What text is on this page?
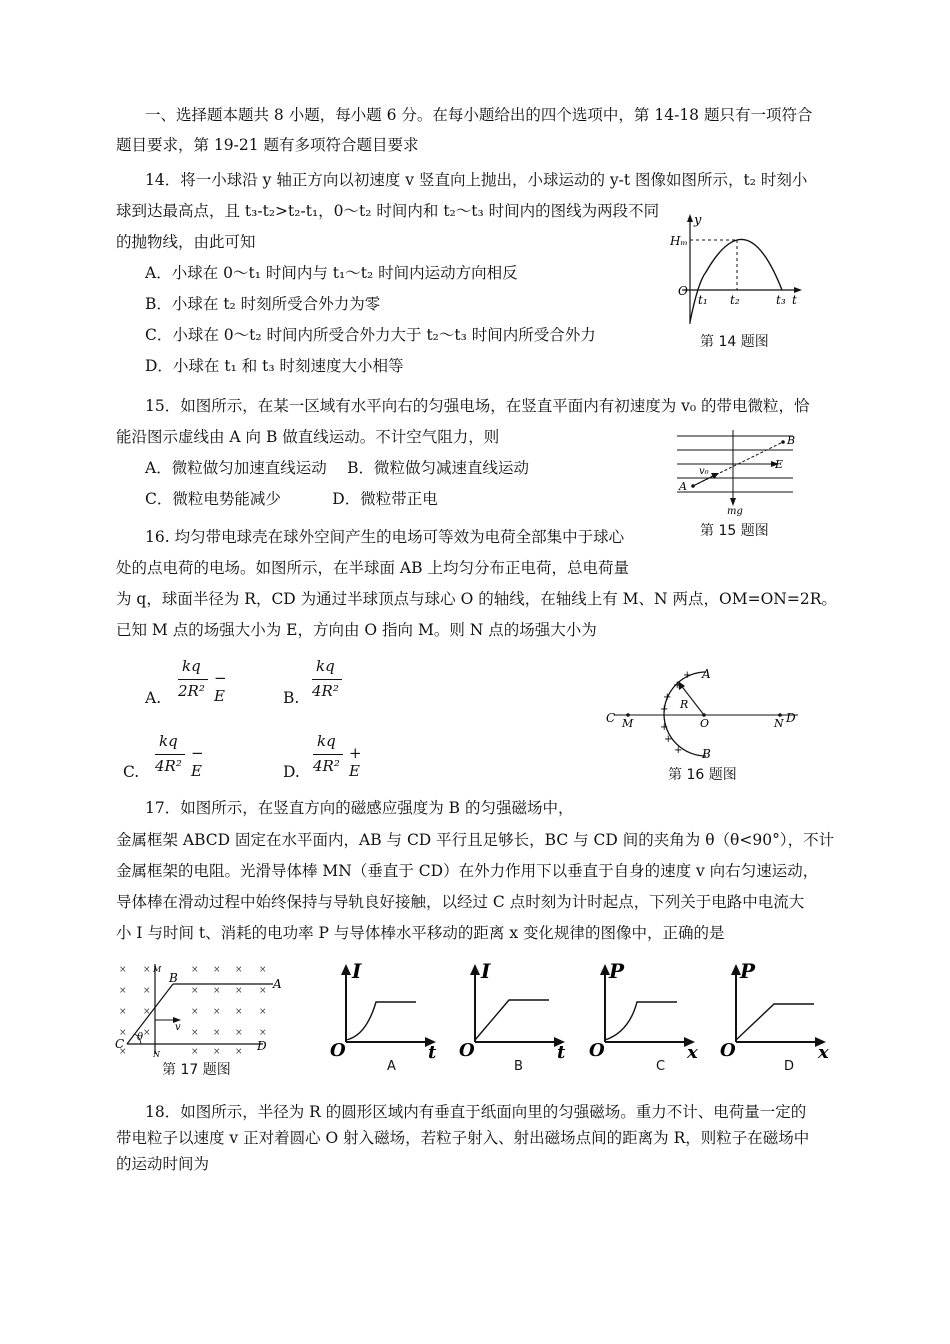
一、选择题本题共 8 小题，每小题 6 分。在每小题给出的四个选项中，第 14-18 题只有一项符合
题目要求，第 19-21 题有多项符合题目要求
14．将一小球沿 y 轴正方向以初速度 v 竖直向上抛出，小球运动的 y-t 图像如图所示，t₂ 时刻小
球到达最高点，且 t₃-t₂>t₂-t₁，0～t₂ 时间内和 t₂～t₃ 时间内的图线为两段不同
的抛物线，由此可知
A．小球在 0～t₁ 时间内与 t₁～t₂ 时间内运动方向相反
B．小球在 t₂ 时刻所受合外力为零
C．小球在 0～t₂ 时间内所受合外力大于 t₂～t₃ 时间内所受合外力
D．小球在 t₁ 和 t₃ 时刻速度大小相等
y
Hₘ
O
t₁ t₂	t₃ t
第 14 题图
15．如图所示，在某一区域有水平向右的匀强电场，在竖直平面内有初速度为 v₀ 的带电微粒，恰
能沿图示虚线由 A 向 B 做直线运动。不计空气阻力，则
A．微粒做匀加速直线运动　 B．微粒做匀减速直线运动
C．微粒电势能减少　　　 D．微粒带正电
B
E
v₀
A
mg
第 15 题图
16. 均匀带电球壳在球外空间产生的电场可等效为电荷全部集中于球心
处的点电荷的电场。如图所示，在半球面 AB 上均匀分布正电荷，总电荷量
为 q，球面半径为 R，CD 为通过半球顶点与球心 O 的轴线，在轴线上有 M、N 两点，OM=ON=2R。
已知 M 点的场强大小为 E，方向由 O 指向 M。则 N 点的场强大小为
A.
kq
2R²
− E	B.
kq
4R²
C.
kq
4R²
− E	D.
kq
4R²
+ E
+
+
+
+
+
+
+
A
B
C M	O
R
N D
第 16 题图
17．如图所示，在竖直方向的磁感应强度为 B 的匀强磁场中，
金属框架 ABCD 固定在水平面内，AB 与 CD 平行且足够长，BC 与 CD 间的夹角为 θ（θ<90°），不计
金属框架的电阻。光滑导体棒 MN（垂直于 CD）在外力作用下以垂直于自身的速度 v 向右匀速运动，
导体棒在滑动过程中始终保持与导轨良好接触，以经过 C 点时刻为计时起点，下列关于电路中电流大
小 I 与时间 t、消耗的电功率 P 与导体棒水平移动的距离 x 变化规律的图像中，正确的是
× ×	× × × ×
× ×	× × × ×
× ×	× × × ×
× ×	× × × ×
×	× × ×
M
B	A
v
θ
C
N
D
第 17 题图
I
O	t
A
I
O	t
B
P
O	x
C
P
O	x
D
18．如图所示，半径为 R 的圆形区域内有垂直于纸面向里的匀强磁场。重力不计、电荷量一定的
带电粒子以速度 v 正对着圆心 O 射入磁场，若粒子射入、射出磁场点间的距离为 R，则粒子在磁场中
的运动时间为
